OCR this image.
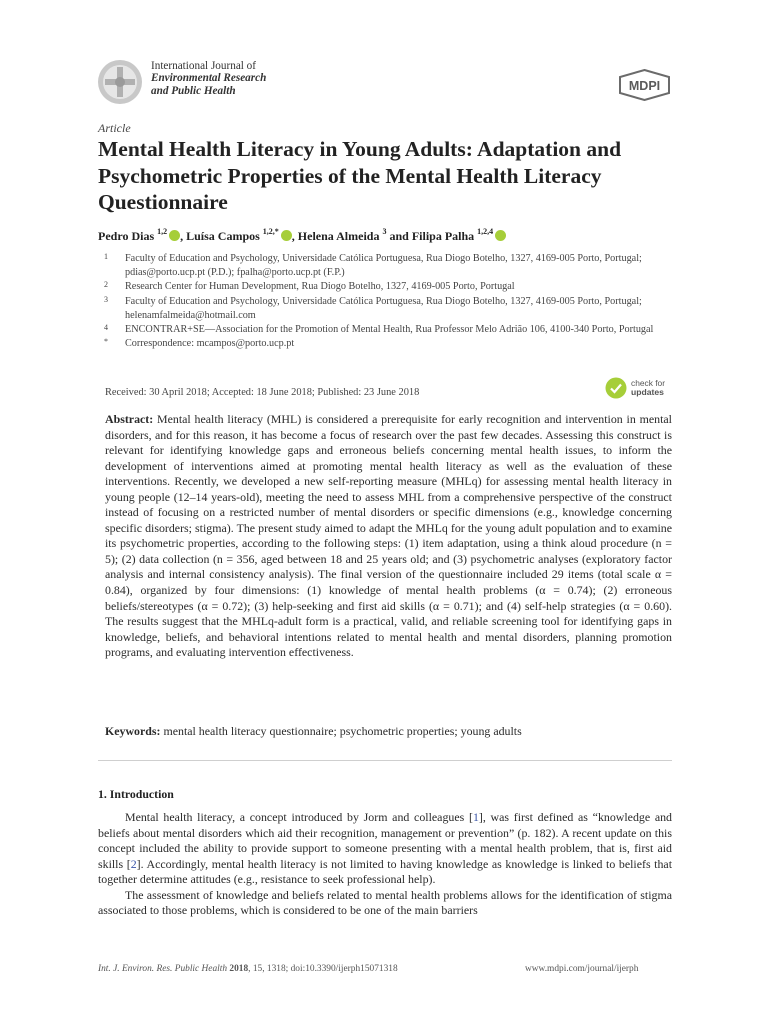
International Journal of
Environmental Research
and Public Health	MDPI
Article
Mental Health Literacy in Young Adults: Adaptation and Psychometric Properties of the Mental Health Literacy Questionnaire
Pedro Dias $^{1,2}$ , Luísa Campos $^{1,2,*}$ , Helena Almeida $^3$ and Filipa Palha $^{1,2,4}$
1 Faculty of Education and Psychology, Universidade Católica Portuguesa, Rua Diogo Botelho, 1327, 4169-005 Porto, Portugal; pdias@porto.ucp.pt (P.D.); fpalha@porto.ucp.pt (F.P.)
2 Research Center for Human Development, Rua Diogo Botelho, 1327, 4169-005 Porto, Portugal
3 Faculty of Education and Psychology, Universidade Católica Portuguesa, Rua Diogo Botelho, 1327, 4169-005 Porto, Portugal; helenamfalmeida@hotmail.com
4 ENCONTRAR+SE—Association for the Promotion of Mental Health, Rua Professor Melo Adrião 106, 4100-340 Porto, Portugal
* Correspondence: mcampos@porto.ucp.pt
Received: 30 April 2018; Accepted: 18 June 2018; Published: 23 June 2018
check for
updates
Abstract: Mental health literacy (MHL) is considered a prerequisite for early recognition and intervention in mental disorders, and for this reason, it has become a focus of research over the past few decades. Assessing this construct is relevant for identifying knowledge gaps and erroneous beliefs concerning mental health issues, to inform the development of interventions aimed at promoting mental health literacy as well as the evaluation of these interventions. Recently, we developed a new self-reporting measure (MHLq) for assessing mental health literacy in young people (12–14 years-old), meeting the need to assess MHL from a comprehensive perspective of the construct instead of focusing on a restricted number of mental disorders or specific dimensions (e.g., knowledge concerning specific disorders; stigma). The present study aimed to adapt the MHLq for the young adult population and to examine its psychometric properties, according to the following steps: (1) item adaptation, using a think aloud procedure (n = 5); (2) data collection (n = 356, aged between 18 and 25 years old; and (3) psychometric analyses (exploratory factor analysis and internal consistency analysis). The final version of the questionnaire included 29 items (total scale α = 0.84), organized by four dimensions: (1) knowledge of mental health problems (α = 0.74); (2) erroneous beliefs/stereotypes (α = 0.72); (3) help-seeking and first aid skills (α = 0.71); and (4) self-help strategies (α = 0.60). The results suggest that the MHLq-adult form is a practical, valid, and reliable screening tool for identifying gaps in knowledge, beliefs, and behavioral intentions related to mental health and mental disorders, planning promotion programs, and evaluating intervention effectiveness.
Keywords: mental health literacy questionnaire; psychometric properties; young adults
1. Introduction

Mental health literacy, a concept introduced by Jorm and colleagues [1], was first defined as “knowledge and beliefs about mental disorders which aid their recognition, management or prevention” (p. 182). A recent update on this concept included the ability to provide support to someone presenting with a mental health problem, that is, first aid skills [2]. Accordingly, mental health literacy is not limited to having knowledge as knowledge is linked to beliefs that together determine attitudes (e.g., resistance to seek professional help).

The assessment of knowledge and beliefs related to mental health problems allows for the identification of stigma associated to those problems, which is considered to be one of the main barriers

Int. J. Environ. Res. Public Health 2018, 15, 1318; doi:10.3390/ijerph15071318	www.mdpi.com/journal/ijerph
